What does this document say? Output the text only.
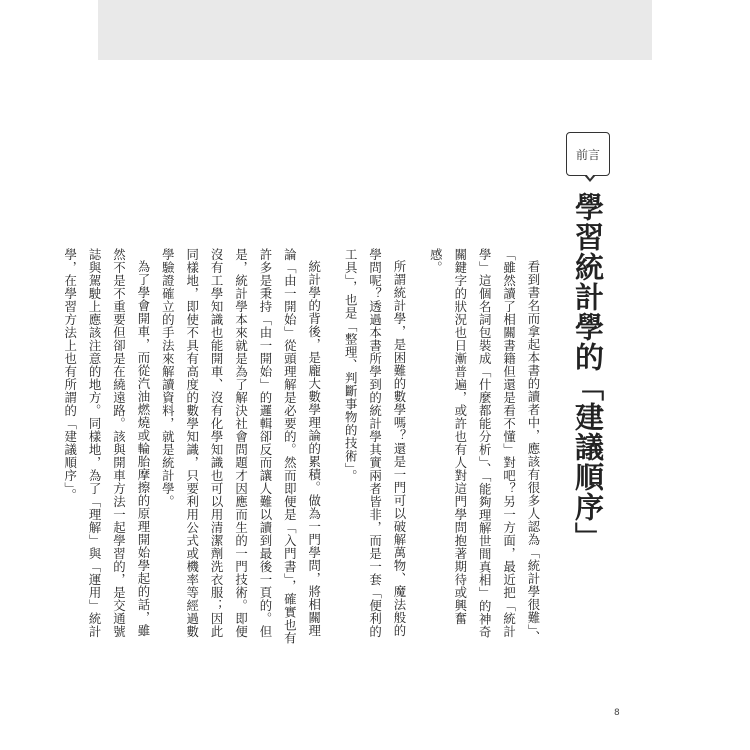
前言
學習統計學的「建議順序」

看到書名而拿起本書的讀者中，應該有很多人認為「統計學很難」、「雖然讀了相關書籍但還是看不懂」對吧？另一方面，最近把「統計學」這個名詞包裝成「什麼都能分析」、「能夠理解世間真相」的神奇關鍵字的狀況也日漸普遍，或許也有人對這門學問抱著期待或興奮感。

所謂統計學，是困難的數學嗎？還是一門可以破解萬物、魔法般的學問呢？透過本書所學到的統計學其實兩者皆非，而是一套「便利的工具」，也是「整理、判斷事物的技術」。

統計學的背後，是龐大數學理論的累積。做為一門學問，將相關理論「由一開始」從頭理解是必要的。然而即便是「入門書」，確實也有許多是秉持「由一開始」的邏輯卻反而讓人難以讀到最後一頁的。但是，統計學本來就是為了解決社會問題才因應而生的一門技術。即便沒有工學知識也能開車、沒有化學知識也可以用清潔劑洗衣服；因此同樣地，即使不具有高度的數學知識，只要利用公式或機率等經過數學驗證確立的手法來解讀資料，就是統計學。

為了學會開車，而從汽油燃燒或輪胎摩擦的原理開始學起的話，雖然不是不重要但卻是在繞遠路。該與開車方法一起學習的，是交通號誌與駕駛上應該注意的地方。同樣地，為了「理解」與「運用」統計學，在學習方法上也有所謂的「建議順序」。

8
